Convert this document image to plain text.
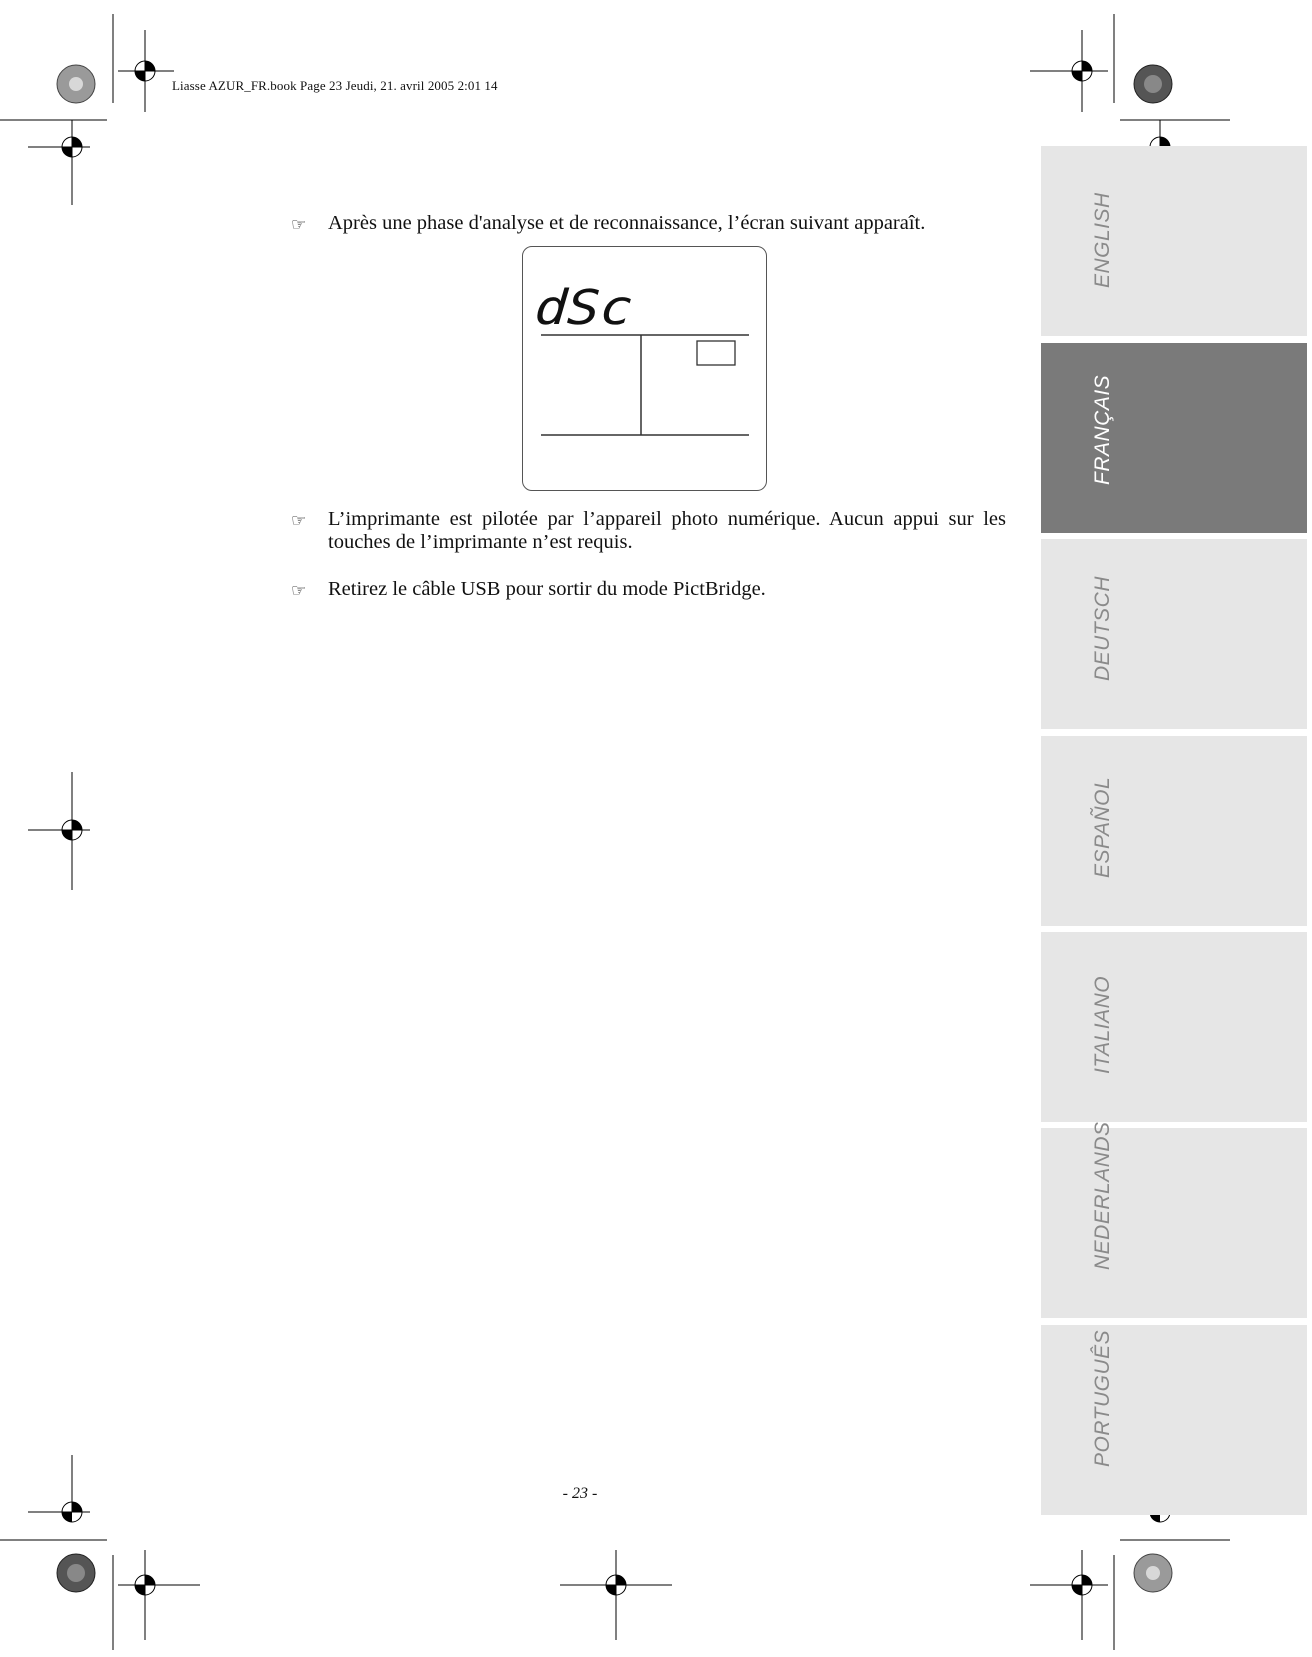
Liasse AZUR_FR.book Page 23 Jeudi, 21. avril 2005 2:01 14
ENGLISH
FRANÇAIS
DEUTSCH
ESPAÑOL
ITALIANO
NEDERLANDS
PORTUGUÊS
☞	Après une phase d'analyse et de reconnaissance, l’écran suivant apparaît.
dSc
☞	L’imprimante est pilotée par l’appareil photo numérique. Aucun appui sur les touches de l’imprimante n’est requis.
☞	Retirez le câble USB pour sortir du mode PictBridge.
- 23 -
